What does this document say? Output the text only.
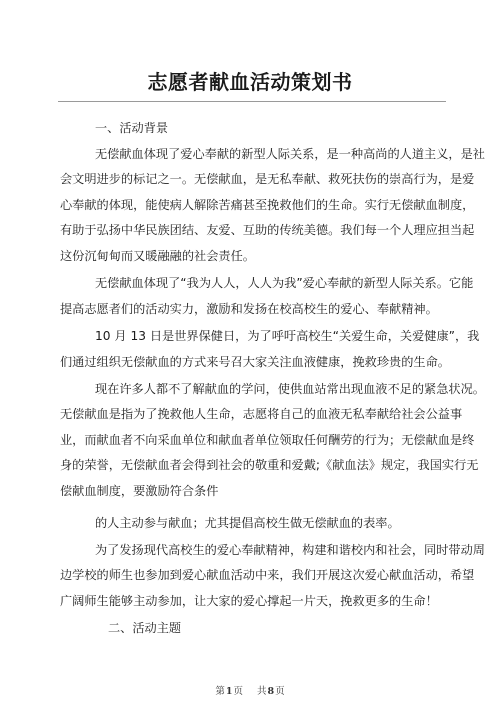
志愿者献血活动策划书
一、活动背景
无偿献血体现了爱心奉献的新型人际关系，是一种高尚的人道主义，是社
会文明进步的标记之一。无偿献血，是无私奉献、救死扶伤的崇高行为，是爱
心奉献的体现，能使病人解除苦痛甚至挽救他们的生命。实行无偿献血制度，
有助于弘扬中华民族团结、友爱、互助的传统美德。我们每一个人理应担当起
这份沉甸甸而又暖融融的社会责任。
无偿献血体现了“我为人人，人人为我”爱心奉献的新型人际关系。它能
提高志愿者们的活动实力，激励和发扬在校高校生的爱心、奉献精神。
10 月 13 日是世界保健日，为了呼吁高校生“关爱生命，关爱健康”，我
们通过组织无偿献血的方式来号召大家关注血液健康，挽救珍贵的生命。
现在许多人都不了解献血的学问，使供血站常出现血液不足的紧急状况。
无偿献血是指为了挽救他人生命，志愿将自己的血液无私奉献给社会公益事
业，而献血者不向采血单位和献血者单位领取任何酬劳的行为；无偿献血是终
身的荣誉，无偿献血者会得到社会的敬重和爱戴;《献血法》规定，我国实行无
偿献血制度，要激励符合条件
的人主动参与献血；尤其提倡高校生做无偿献血的表率。
为了发扬现代高校生的爱心奉献精神，构建和谐校内和社会，同时带动周
边学校的师生也参加到爱心献血活动中来，我们开展这次爱心献血活动，希望
广阔师生能够主动参加，让大家的爱心撑起一片天，挽救更多的生命！
二、活动主题
第1页 共8页
